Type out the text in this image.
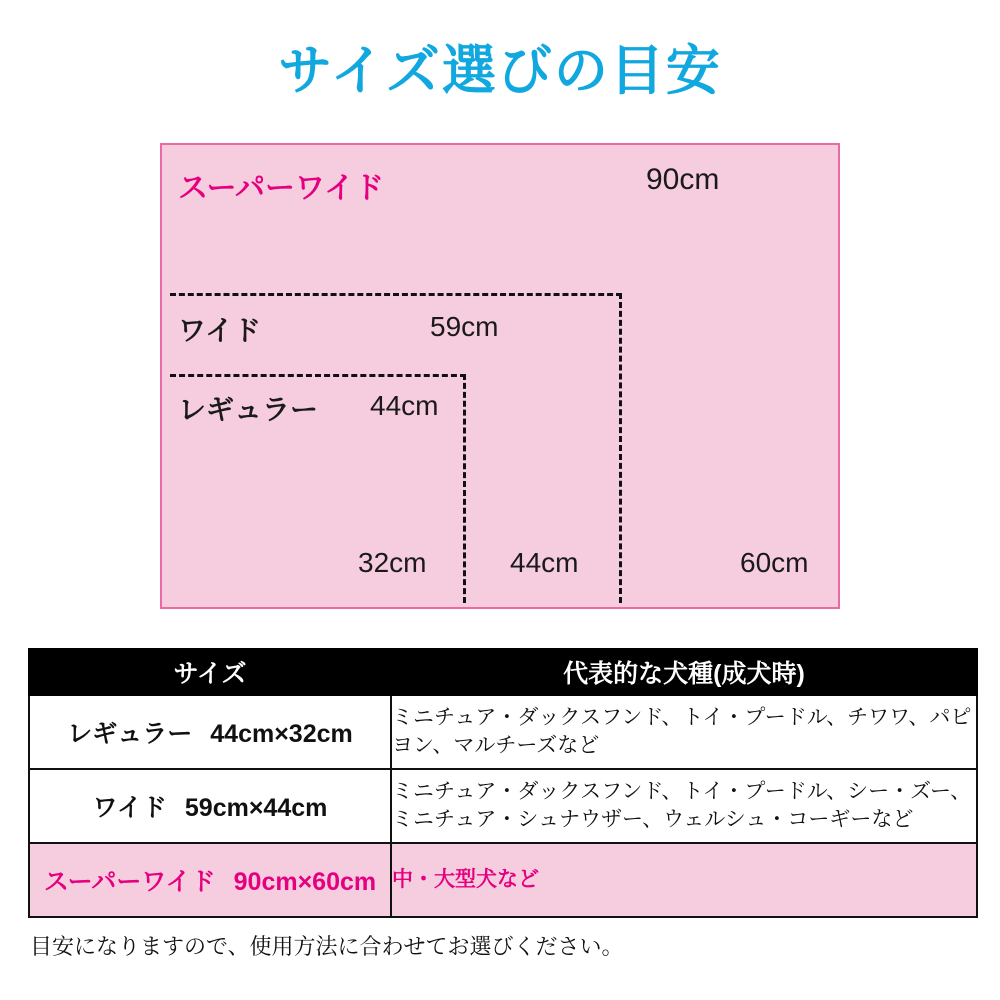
サイズ選びの目安
スーパーワイド	90cm
ワイド	59cm
レギュラー 44cm
32cm	44cm	60cm
サイズ	代表的な犬種(成犬時)
レギュラー 44cm×32cm	ミニチュア・ダックスフンド、トイ・プードル、チワワ、パピヨン、マルチーズなど
ワイド 59cm×44cm	ミニチュア・ダックスフンド、トイ・プードル、シー・ズー、ミニチュア・シュナウザー、ウェルシュ・コーギーなど
スーパーワイド 90cm×60cm	中・大型犬など
目安になりますので、使用方法に合わせてお選びください。
